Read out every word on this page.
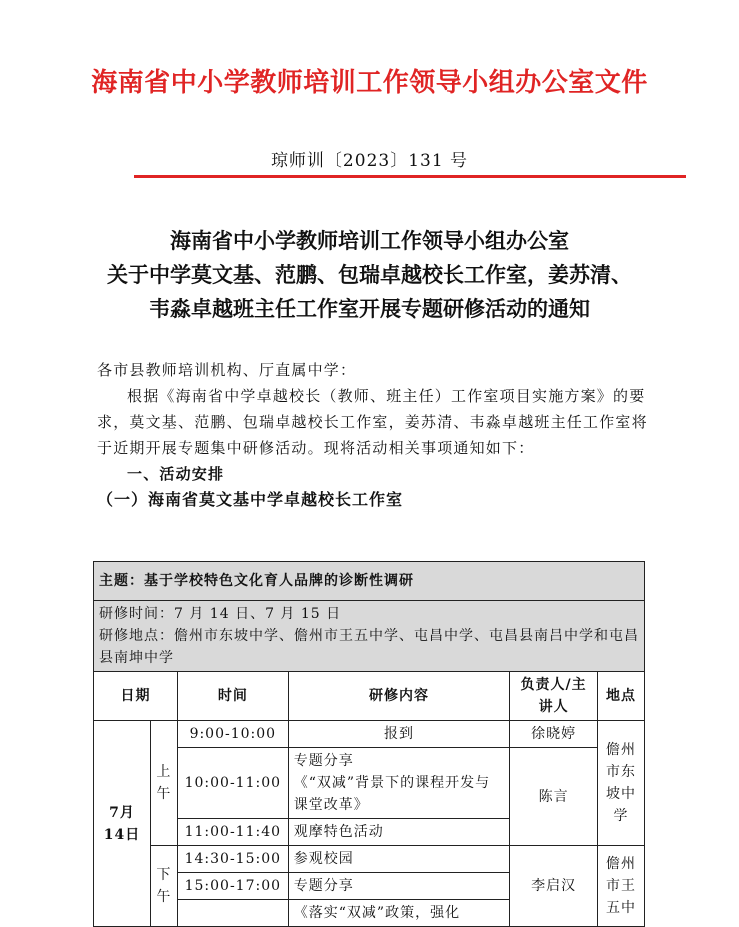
海南省中小学教师培训工作领导小组办公室文件
琼师训〔2023〕131 号
海南省中小学教师培训工作领导小组办公室
关于中学莫文基、范鹏、包瑞卓越校长工作室，姜苏清、
韦淼卓越班主任工作室开展专题研修活动的通知

各市县教师培训机构、厅直属中学：

根据《海南省中学卓越校长（教师、班主任）工作室项目实施方案》的要求，莫文基、范鹏、包瑞卓越校长工作室，姜苏清、韦淼卓越班主任工作室将于近期开展专题集中研修活动。现将活动相关事项通知如下：

一、活动安排

（一）海南省莫文基中学卓越校长工作室

主题：基于学校特色文化育人品牌的诊断性调研					

研修时间：7 月 14 日、7 月 15 日
研修地点：儋州市东坡中学、儋州市王五中学、屯昌中学、屯昌县南吕中学和屯昌县南坤中学					

日期		时间	研修内容	负责人/主讲人	地点
7月14日	上午	9:00-10:00	报到	徐晓婷	儋州市东坡中学
		10:00-11:00	专题分享
《“双减”背景下的课程开发与课堂改革》	陈言	
		11:00-11:40	观摩特色活动		
	下午	14:30-15:00	参观校园	李启汉	儋州市王五中
		15:00-17:00	专题分享		
			《落实“双减”政策，强化		
